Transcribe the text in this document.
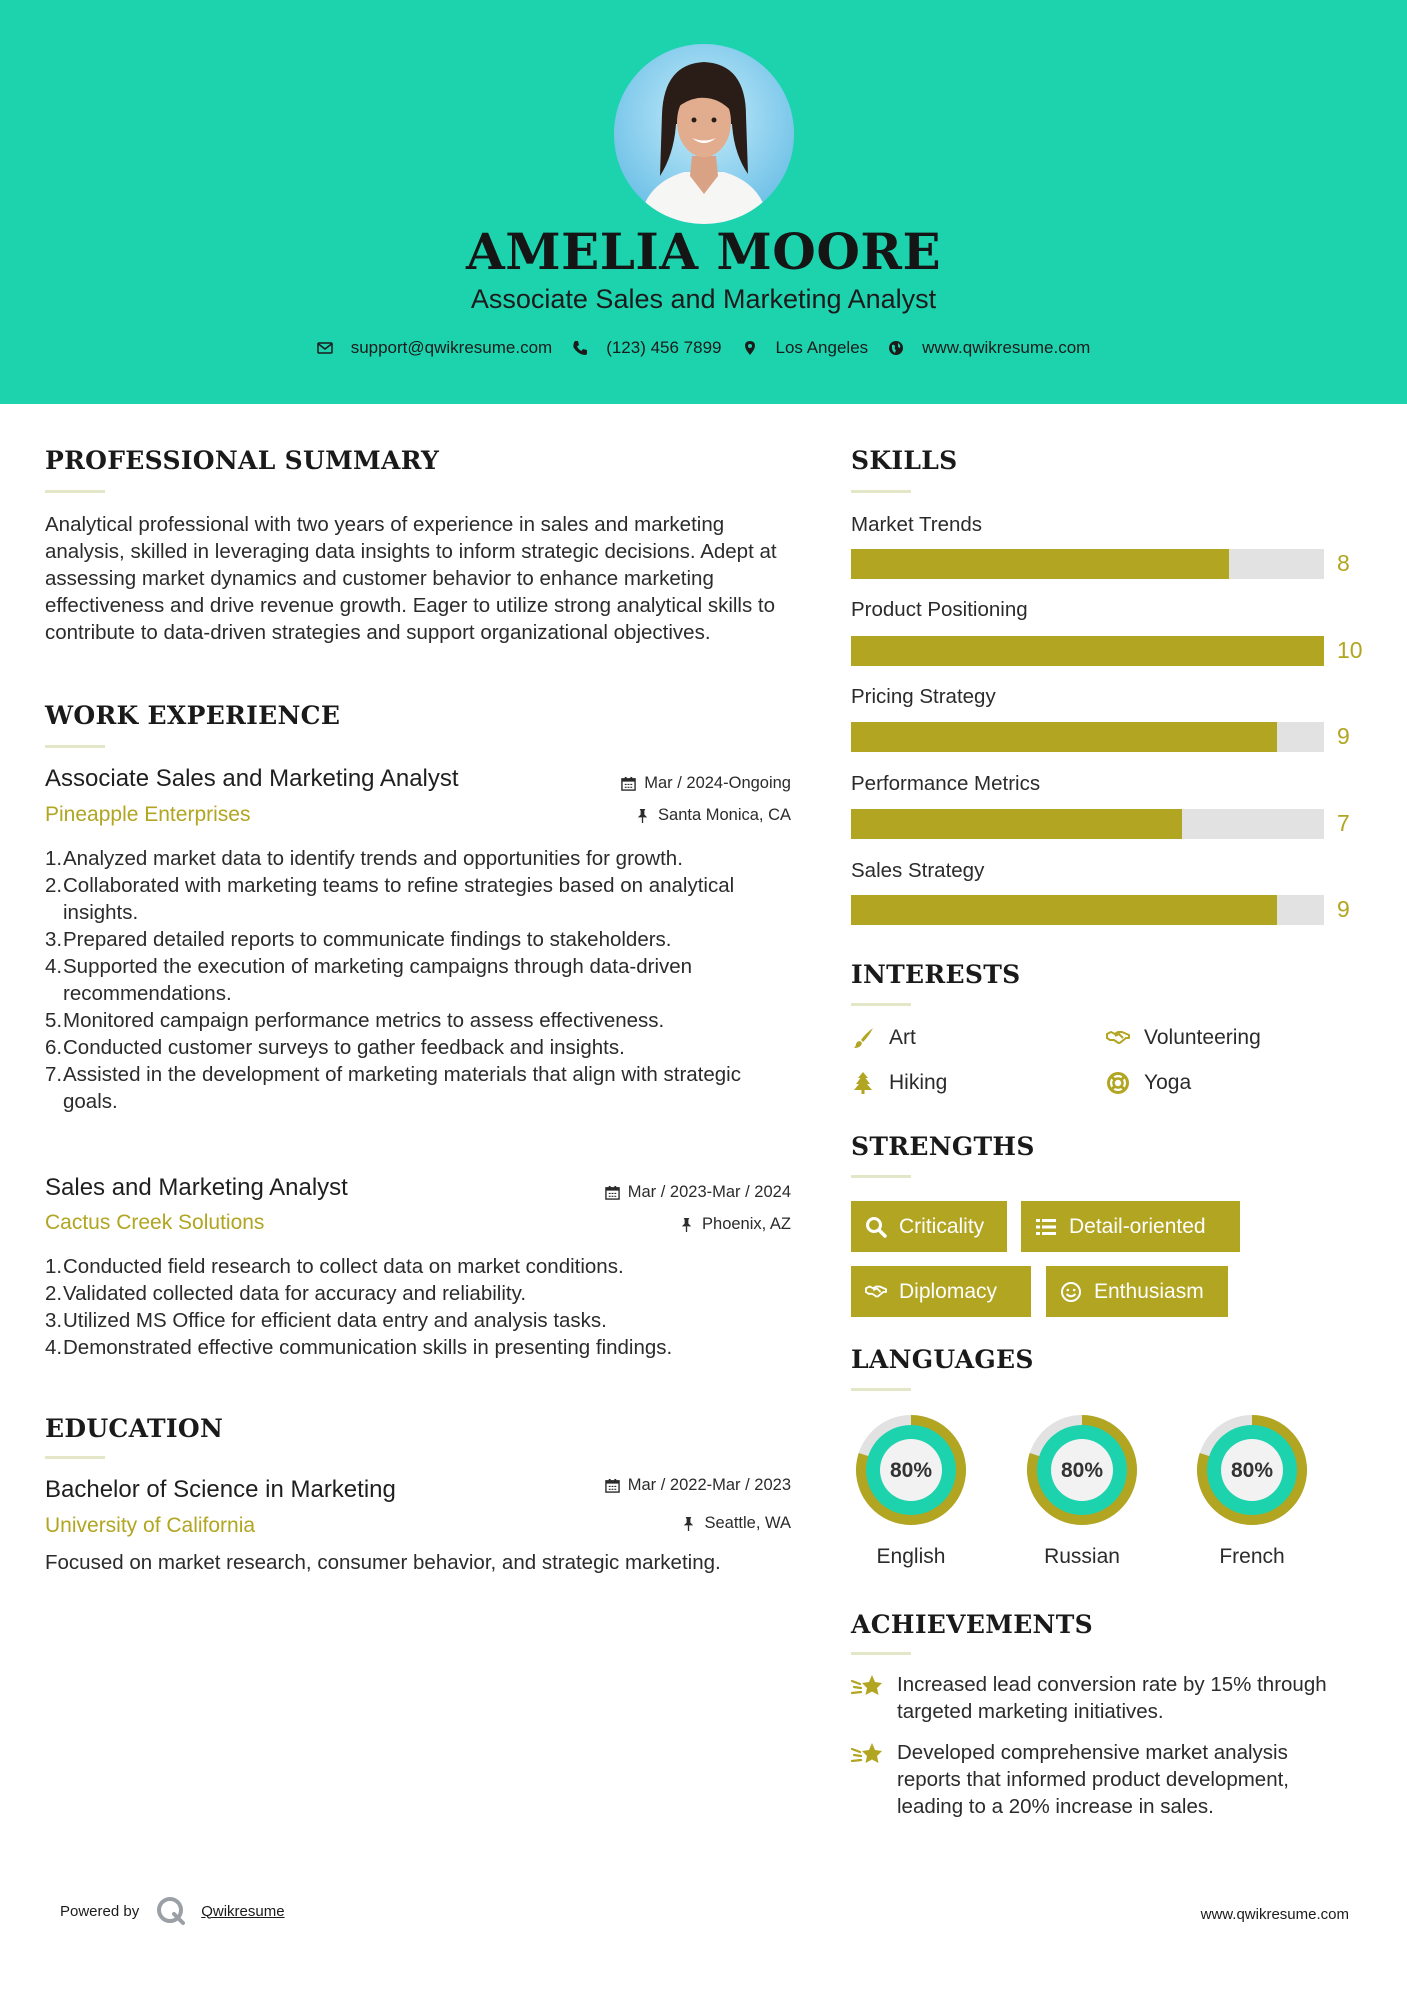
AMELIA MOORE
Associate Sales and Marketing Analyst
support@qwikresume.com	(123) 456 7899	Los Angeles	www.qwikresume.com
PROFESSIONAL SUMMARY
Analytical professional with two years of experience in sales and marketing analysis, skilled in leveraging data insights to inform strategic decisions. Adept at assessing market dynamics and customer behavior to enhance marketing effectiveness and drive revenue growth. Eager to utilize strong analytical skills to contribute to data-driven strategies and support organizational objectives.
WORK EXPERIENCE
Associate Sales and Marketing Analyst	Mar / 2024-Ongoing
Pineapple Enterprises	Santa Monica, CA
Analyzed market data to identify trends and opportunities for growth.
Collaborated with marketing teams to refine strategies based on analytical insights.
Prepared detailed reports to communicate findings to stakeholders.
Supported the execution of marketing campaigns through data-driven recommendations.
Monitored campaign performance metrics to assess effectiveness.
Conducted customer surveys to gather feedback and insights.
Assisted in the development of marketing materials that align with strategic goals.
Sales and Marketing Analyst	Mar / 2023-Mar / 2024
Cactus Creek Solutions	Phoenix, AZ
Conducted field research to collect data on market conditions.
Validated collected data for accuracy and reliability.
Utilized MS Office for efficient data entry and analysis tasks.
Demonstrated effective communication skills in presenting findings.
EDUCATION
Bachelor of Science in Marketing	Mar / 2022-Mar / 2023
University of California	Seattle, WA
Focused on market research, consumer behavior, and strategic marketing.
SKILLS
Market Trends
8
Product Positioning
10
Pricing Strategy
9
Performance Metrics
7
Sales Strategy
9
INTERESTS
Art	Volunteering
Hiking	Yoga
STRENGTHS
Criticality	Detail-oriented
Diplomacy	Enthusiasm
LANGUAGES
80%
English
80%
Russian
80%
French
ACHIEVEMENTS
Increased lead conversion rate by 15% through targeted marketing initiatives.
Developed comprehensive market analysis reports that informed product development, leading to a 20% increase in sales.
Powered by	Qwikresume	www.qwikresume.com
